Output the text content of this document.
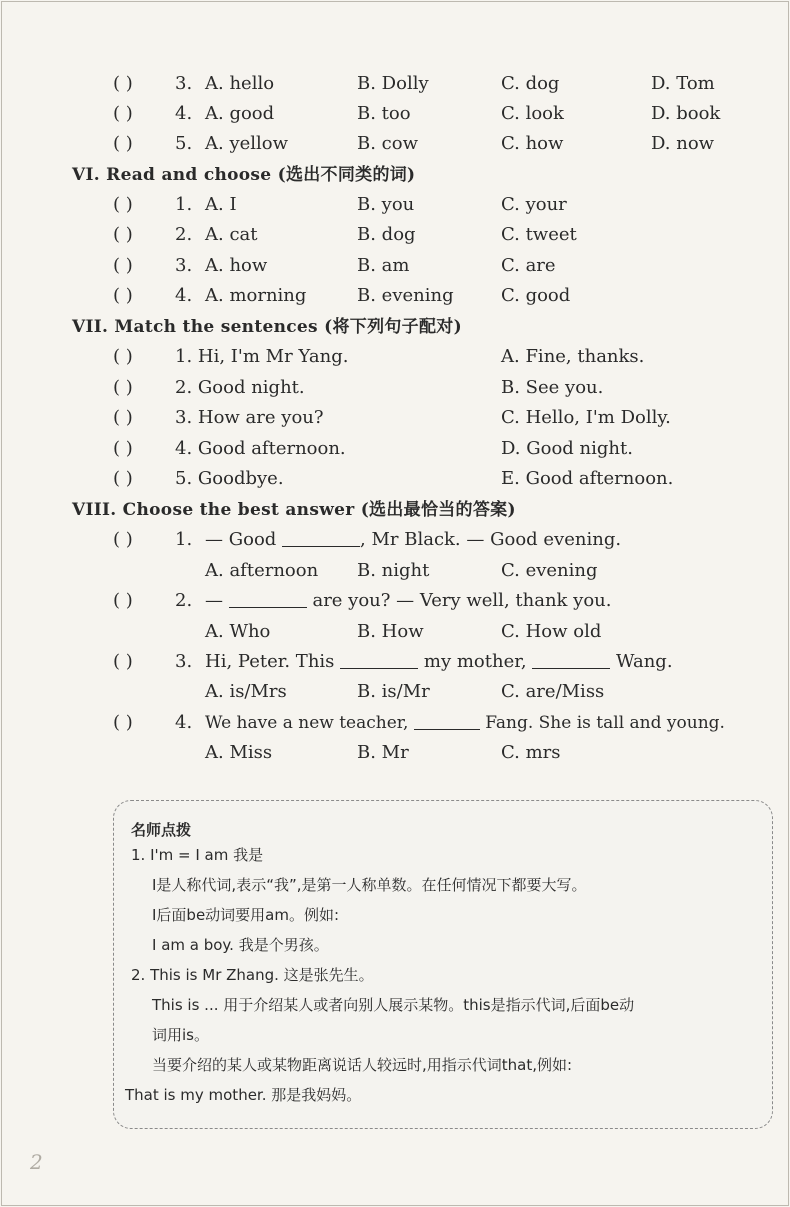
( ) 3. A. hello	B. Dolly	C. dog	D. Tom
( ) 4. A. good	B. too	C. look	D. book
( ) 5. A. yellow	B. cow	C. how	D. now
VI. Read and choose (选出不同类的词)
( ) 1. A. I	B. you	C. your
( ) 2. A. cat	B. dog	C. tweet
( ) 3. A. how	B. am	C. are
( ) 4. A. morning	B. evening	C. good
VII. Match the sentences (将下列句子配对)
( ) 1. Hi, I'm Mr Yang.	A. Fine, thanks.
( ) 2. Good night.	B. See you.
( ) 3. How are you?	C. Hello, I'm Dolly.
( ) 4. Good afternoon.	D. Good night.
( ) 5. Goodbye.	E. Good afternoon.
VIII. Choose the best answer (选出最恰当的答案)
( ) 1. — Good	, Mr Black. — Good evening.
A. afternoon B. night	C. evening
( ) 2. —	are you? — Very well, thank you.
A. Who	B. How	C. How old
( ) 3. Hi, Peter. This	my mother,	Wang.
A. is/Mrs	B. is/Mr	C. are/Miss
( ) 4. We have a new teacher,	Fang. She is tall and young.
A. Miss	B. Mr	C. mrs
名师点拨
1. I'm = I am 我是
I是人称代词,表示“我”,是第一人称单数。在任何情况下都要大写。
I后面be动词要用am。例如:
I am a boy. 我是个男孩。
2. This is Mr Zhang. 这是张先生。
This is ... 用于介绍某人或者向别人展示某物。this是指示代词,后面be动
词用is。
当要介绍的某人或某物距离说话人较远时,用指示代词that,例如:
That is my mother. 那是我妈妈。
2
